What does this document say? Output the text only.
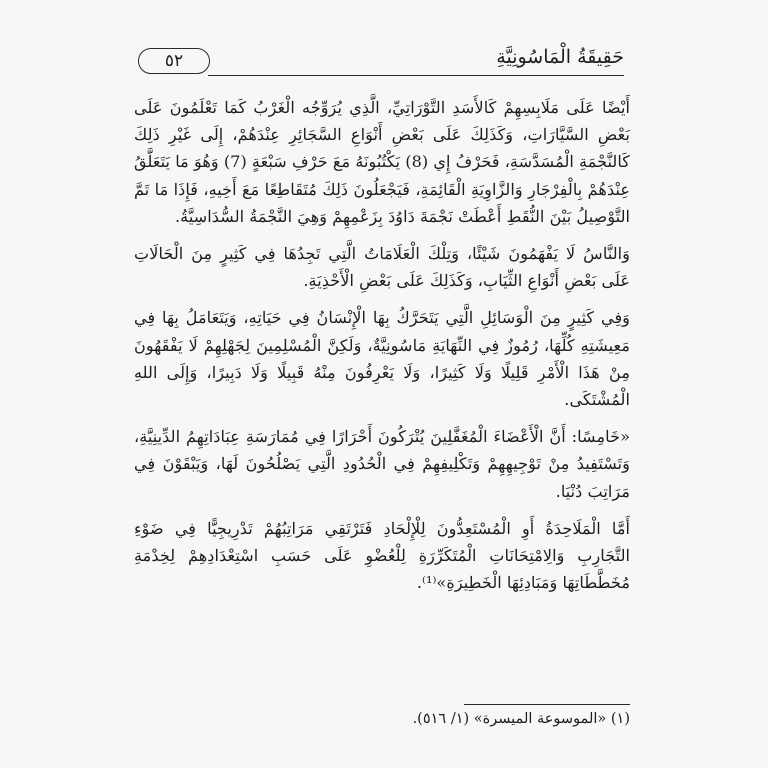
٥٢	حَقِيقَةُ الْمَاسُونِيَّةِ

أَيْضًا عَلَى مَلَابِسِهِمْ كَالأَسَدِ التَّوْرَاتِيِّ، الَّذِي يُرَوِّجُه الْغَرْبُ كَمَا تَعْلَمُونَ عَلَى بَعْضِ السَّيَّارَاتِ، وَكَذَلِكَ عَلَى بَعْضِ أَنْوَاعِ السَّجَائِرِ عِنْدَهُمْ، إِلَى غَيْرِ ذَلِكَ كَالنَّجْمَةِ الْمُسَدَّسَةِ، فَحَرْفُ إِي (8) يَكْتُبُونَهُ مَعَ حَرْفِ سَبْعَةٍ (7) وَهُوَ مَا يَتَعَلَّقُ عِنْدَهُمْ بِالْفِرْجَارِ وَالزَّاوِيَةِ الْقَائِمَةِ، فَيَجْعَلُونَ ذَلِكَ مُتَقَاطِعًا مَعَ أَخِيهِ، فَإِذَا مَا تَمَّ التَّوْصِيلُ بَيْنَ النُّقَطِ أَعْطَتْ نَجْمَةَ دَاوُدَ بِزَعْمِهِمْ وَهِيَ النَّجْمَةُ السُّدَاسِيَّةُ.

وَالنَّاسُ لَا يَفْهَمُونَ شَيْئًا، وَتِلْكَ الْعَلَامَاتُ الَّتِي تَجِدُهَا فِي كَثِيرٍ مِنَ الْحَالَاتِ عَلَى بَعْضِ أَنْوَاعِ الثِّيَابِ، وَكَذَلِكَ عَلَى بَعْضِ الْأَحْذِيَةِ.

وَفِي كَثِيرٍ مِنَ الْوَسَائِلِ الَّتِي يَتَحَرَّكُ بِهَا الْإِنْسَانُ فِي حَيَاتِهِ، وَيَتَعَامَلُ بِهَا فِي مَعِيشَتِهِ كُلِّهَا، رُمُوزٌ فِي النِّهَايَةِ مَاسُونِيَّةٌ، وَلَكِنَّ الْمُسْلِمِينَ لِجَهْلِهِمْ لَا يَفْقَهُونَ مِنْ هَذَا الْأَمْرِ قَلِيلًا وَلَا كَثِيرًا، وَلَا يَعْرِفُونَ مِنْهُ قَبِيلًا وَلَا دَبِيرًا، وَإِلَى اللهِ الْمُشْتَكَى.

«خَامِسًا: أَنَّ الْأَعْضَاءَ الْمُغَفَّلِينَ يُتْرَكُونَ أَحْرَارًا فِي مُمَارَسَةِ عِبَادَاتِهِمُ الدِّينِيَّةِ، وَتَسْتَفِيدُ مِنْ تَوْجِيهِهِمْ وَتَكْلِيفِهِمْ فِي الْحُدُودِ الَّتِي يَصْلُحُونَ لَهَا، وَيَبْقَوْنَ فِي مَرَاتِبَ دُنْيَا.

أَمَّا الْمَلَاحِدَةُ أَوِ الْمُسْتَعِدُّونَ لِلْإِلْحَادِ فَتَرْتَقِي مَرَاتِبُهُمْ تَدْرِيجِيًّا فِي ضَوْءِ التَّجَارِبِ وَالِامْتِحَانَاتِ الْمُتَكَرِّرَةِ لِلْعُضْوِ عَلَى حَسَبِ اسْتِعْدَادِهِمْ لِخِدْمَةِ مُخَطَّطَاتِهَا وَمَبَادِئِهَا الْخَطِيرَةِ»⁽¹⁾.

(١) «الموسوعة الميسرة» (١/ ٥١٦).
